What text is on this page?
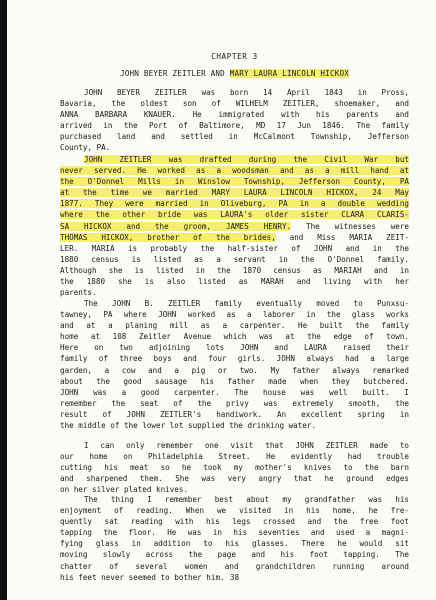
CHAPTER 3
JOHN BEYER ZEITLER AND MARY LAURA LINCOLN HICKOX
JOHN BEYER ZEITLER was born 14 April 1843 in Pross,
Bavaria, the oldest son of WILHELM ZEITLER, shoemaker, and
ANNA BARBARA KNAUER. He immigrated with his parents and
arrived in the Port of Baltimore, MD 17 Jun 1846. The family
purchased land and settled in McCalmont Township, Jefferson
County, PA.
JOHN ZEITLER was drafted during the Civil War but
never served. He worked as a woodsman and as a mill hand at
the O'Donnel Mills in Winslow Township, Jefferson County, PA
at the time we married MARY LAURA LINCOLN HICKOX, 24 May
1877. They were married in Oliveburg, PA in a double wedding
where the other bride was LAURA's older sister CLARA CLARIS-
SA HICKOX and the groom, JAMES HENRY. The witnesses were
THOMAS HICKOX, brother of the brides, and Miss MARIA ZEIT-
LER. MARIA is probably the half-sister of JOHN and in the
1880 census is listed as a servant in the O'Donnel family.
Although she is listed in the 1870 census as MARIAH and in
the 1880 she is also listed as MARAH and living with her
parents.
The JOHN B. ZEITLER family eventually moved to Punxsu-
tawney, PA where JOHN worked as a laborer in the glass works
and at a planing mill as a carpenter. He built the family
home at 108 Zeitler Avenue which was at the edge of town.
Here on two adjoining lots JOHN and LAURA raised their
family of three boys and four girls. JOHN always had a large
garden, a cow and a pig or two. My father always remarked
about the good sausage his father made when they butchered.
JOHN was a good carpenter. The house was well built. I
remember the seat of the privy was extremely smooth, the
result of JOHN ZEITLER's handiwork. An excellent spring in
the middle of the lower lot supplied the drinking water.
I can only remember one visit that JOHN ZEITLER made to
our home on Philadelphia Street. He evidently had trouble
cutting his meat so he took my mother's knives to the barn
and sharpened them. She was very angry that he ground edges
on her silver plated knives.
The thing I remember best about my grandfather was his
enjoyment of reading. When we visited in his home, he fre-
quently sat reading with his legs crossed and the free foot
tapping the floor. He was in his seventies and used a magni-
fying glass in addition to his glasses. There he would sit
moving slowly across the page and his foot tapping. The
chatter of several women and grandchildren running around
his feet never seemed to bother him. 38
